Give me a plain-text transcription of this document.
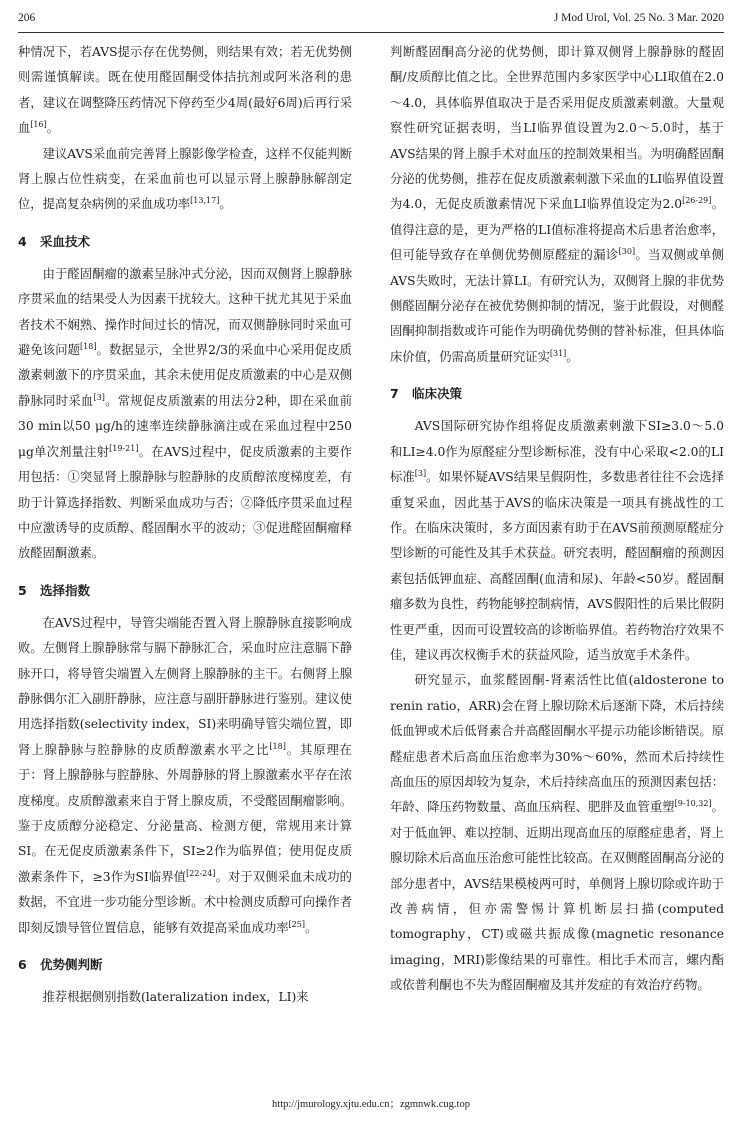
206	J Mod Urol, Vol. 25 No. 3 Mar. 2020

种情况下，若AVS提示存在优势侧，则结果有效；若无优势侧则需谨慎解读。既在使用醛固酮受体拮抗剂或阿米洛利的患者，建议在调整降压药情况下停药至少4周(最好6周)后再行采血[16]。

建议AVS采血前完善肾上腺影像学检查，这样不仅能判断肾上腺占位性病变，在采血前也可以显示肾上腺静脉解剖定位，提高复杂病例的采血成功率[13,17]。

4 采血技术

由于醛固酮瘤的激素呈脉冲式分泌，因而双侧肾上腺静脉序贯采血的结果受人为因素干扰较大。这种干扰尤其见于采血者技术不娴熟、操作时间过长的情况，而双侧静脉同时采血可避免该问题[18]。数据显示，全世界2/3的采血中心采用促皮质激素刺激下的序贯采血，其余未使用促皮质激素的中心是双侧静脉同时采血[3]。常规促皮质激素的用法分2种，即在采血前30 min以50 μg/h的速率连续静脉滴注或在采血过程中250 μg单次剂量注射[19-21]。在AVS过程中，促皮质激素的主要作用包括：①突显肾上腺静脉与腔静脉的皮质醇浓度梯度差，有助于计算选择指数、判断采血成功与否；②降低序贯采血过程中应激诱导的皮质醇、醛固酮水平的波动；③促进醛固酮瘤释放醛固酮激素。

5 选择指数

在AVS过程中，导管尖端能否置入肾上腺静脉直接影响成败。左侧肾上腺静脉常与膈下静脉汇合，采血时应注意膈下静脉开口，将导管尖端置入左侧肾上腺静脉的主干。右侧肾上腺静脉偶尔汇入副肝静脉，应注意与副肝静脉进行鉴别。建议使用选择指数(selectivity index，SI)来明确导管尖端位置，即肾上腺静脉与腔静脉的皮质醇激素水平之比[18]。其原理在于：肾上腺静脉与腔静脉、外周静脉的肾上腺激素水平存在浓度梯度。皮质醇激素来自于肾上腺皮质，不受醛固酮瘤影响。鉴于皮质醇分泌稳定、分泌量高、检测方便，常规用来计算SI。在无促皮质激素条件下，SI≥2作为临界值；使用促皮质激素条件下，≥3作为SI临界值[22-24]。对于双侧采血未成功的数据，不宜进一步功能分型诊断。术中检测皮质醇可向操作者即刻反馈导管位置信息，能够有效提高采血成功率[25]。

6 优势侧判断

推荐根据侧别指数(lateralization index，LI)来

判断醛固酮高分泌的优势侧，即计算双侧肾上腺静脉的醛固酮/皮质醇比值之比。全世界范围内多家医学中心LI取值在2.0～4.0，具体临界值取决于是否采用促皮质激素刺激。大量观察性研究证据表明，当LI临界值设置为2.0～5.0时，基于AVS结果的肾上腺手术对血压的控制效果相当。为明确醛固酮分泌的优势侧，推荐在促皮质激素刺激下采血的LI临界值设置为4.0，无促皮质激素情况下采血LI临界值设定为2.0[26-29]。值得注意的是，更为严格的LI值标准将提高术后患者治愈率，但可能导致存在单侧优势侧原醛症的漏诊[30]。当双侧或单侧AVS失败时，无法计算LI。有研究认为，双侧肾上腺的非优势侧醛固酮分泌存在被优势侧抑制的情况，鉴于此假设，对侧醛固酮抑制指数或许可能作为明确优势侧的替补标准，但具体临床价值，仍需高质量研究证实[31]。

7 临床决策

AVS国际研究协作组将促皮质激素刺激下SI≥3.0～5.0和LI≥4.0作为原醛症分型诊断标准，没有中心采取<2.0的LI标准[3]。如果怀疑AVS结果呈假阴性，多数患者往往不会选择重复采血，因此基于AVS的临床决策是一项具有挑战性的工作。在临床决策时，多方面因素有助于在AVS前预测原醛症分型诊断的可能性及其手术获益。研究表明，醛固酮瘤的预测因素包括低钾血症、高醛固酮(血清和尿)、年龄<50岁。醛固酮瘤多数为良性，药物能够控制病情，AVS假阳性的后果比假阴性更严重，因而可设置较高的诊断临界值。若药物治疗效果不佳，建议再次权衡手术的获益风险，适当放宽手术条件。

研究显示，血浆醛固酮-肾素活性比值(aldosterone to renin ratio，ARR)会在肾上腺切除术后逐渐下降，术后持续低血钾或术后低肾素合并高醛固酮水平提示功能诊断错误。原醛症患者术后高血压治愈率为30%～60%，然而术后持续性高血压的原因却较为复杂，术后持续高血压的预测因素包括：年龄、降压药物数量、高血压病程、肥胖及血管重塑[9-10,32]。对于低血钾、难以控制、近期出现高血压的原醛症患者，肾上腺切除术后高血压治愈可能性比较高。在双侧醛固酮高分泌的部分患者中，AVS结果模棱两可时，单侧肾上腺切除或许助于改善病情，但亦需警惕计算机断层扫描(computed tomography，CT)或磁共振成像(magnetic resonance imaging，MRI)影像结果的可靠性。相比手术而言，螺内酯或依普利酮也不失为醛固酮瘤及其并发症的有效治疗药物。

http://jmurology.xjtu.edu.cn；zgmnwk.cug.top
